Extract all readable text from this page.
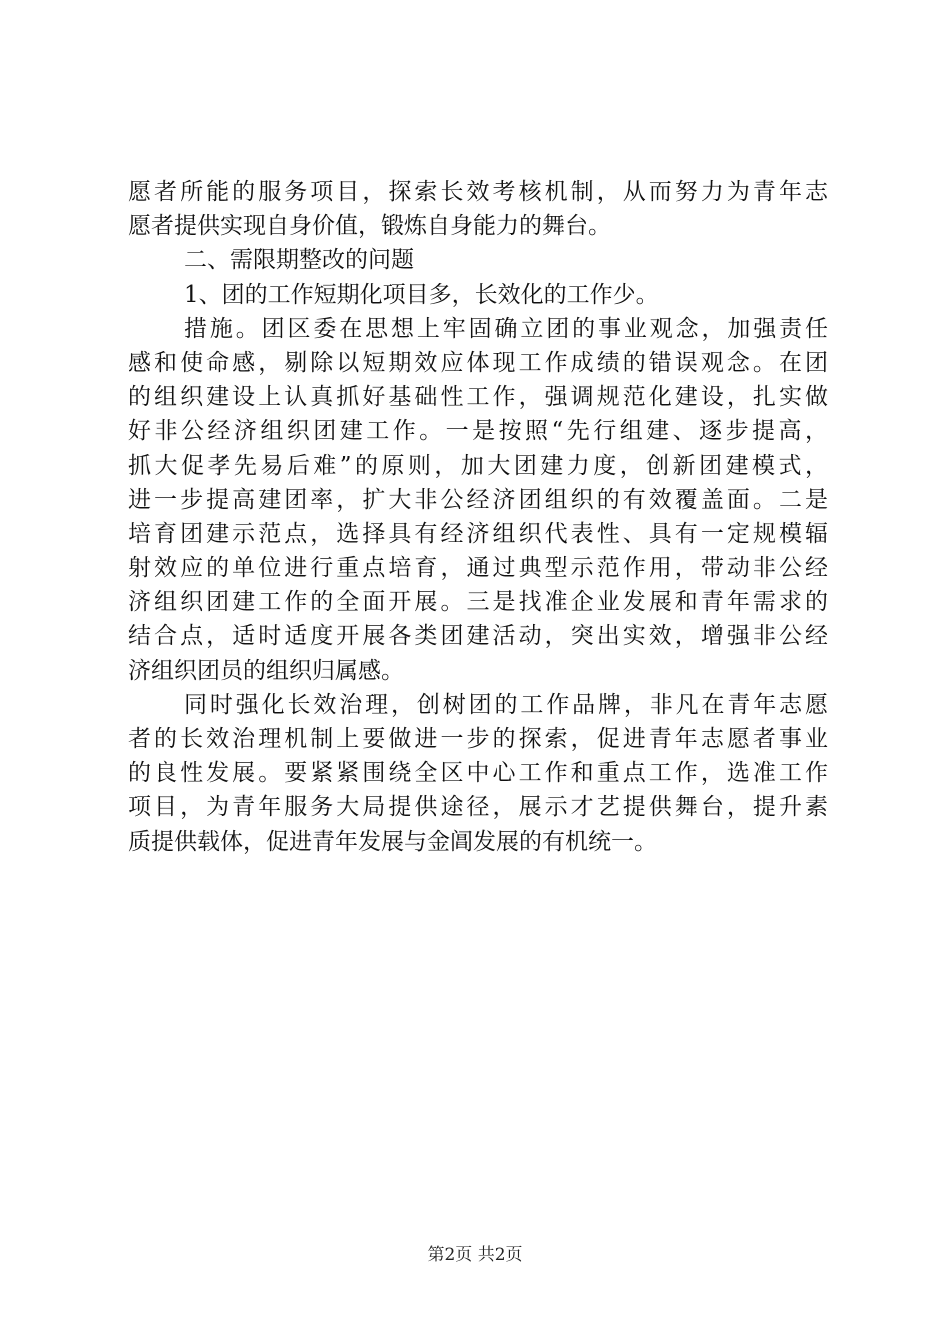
愿者所能的服务项目，探索长效考核机制，从而努力为青年志
愿者提供实现自身价值，锻炼自身能力的舞台。
二、需限期整改的问题
1、团的工作短期化项目多，长效化的工作少。
措施。团区委在思想上牢固确立团的事业观念，加强责任
感和使命感，剔除以短期效应体现工作成绩的错误观念。在团
的组织建设上认真抓好基础性工作，强调规范化建设，扎实做
好非公经济组织团建工作。一是按照“先行组建、逐步提高，
抓大促孝先易后难”的原则，加大团建力度，创新团建模式，
进一步提高建团率，扩大非公经济团组织的有效覆盖面。二是
培育团建示范点，选择具有经济组织代表性、具有一定规模辐
射效应的单位进行重点培育，通过典型示范作用，带动非公经
济组织团建工作的全面开展。三是找准企业发展和青年需求的
结合点，适时适度开展各类团建活动，突出实效，增强非公经
济组织团员的组织归属感。
同时强化长效治理，创树团的工作品牌，非凡在青年志愿
者的长效治理机制上要做进一步的探索，促进青年志愿者事业
的良性发展。要紧紧围绕全区中心工作和重点工作，选准工作
项目，为青年服务大局提供途径，展示才艺提供舞台，提升素
质提供载体，促进青年发展与金阊发展的有机统一。
第2页 共2页
